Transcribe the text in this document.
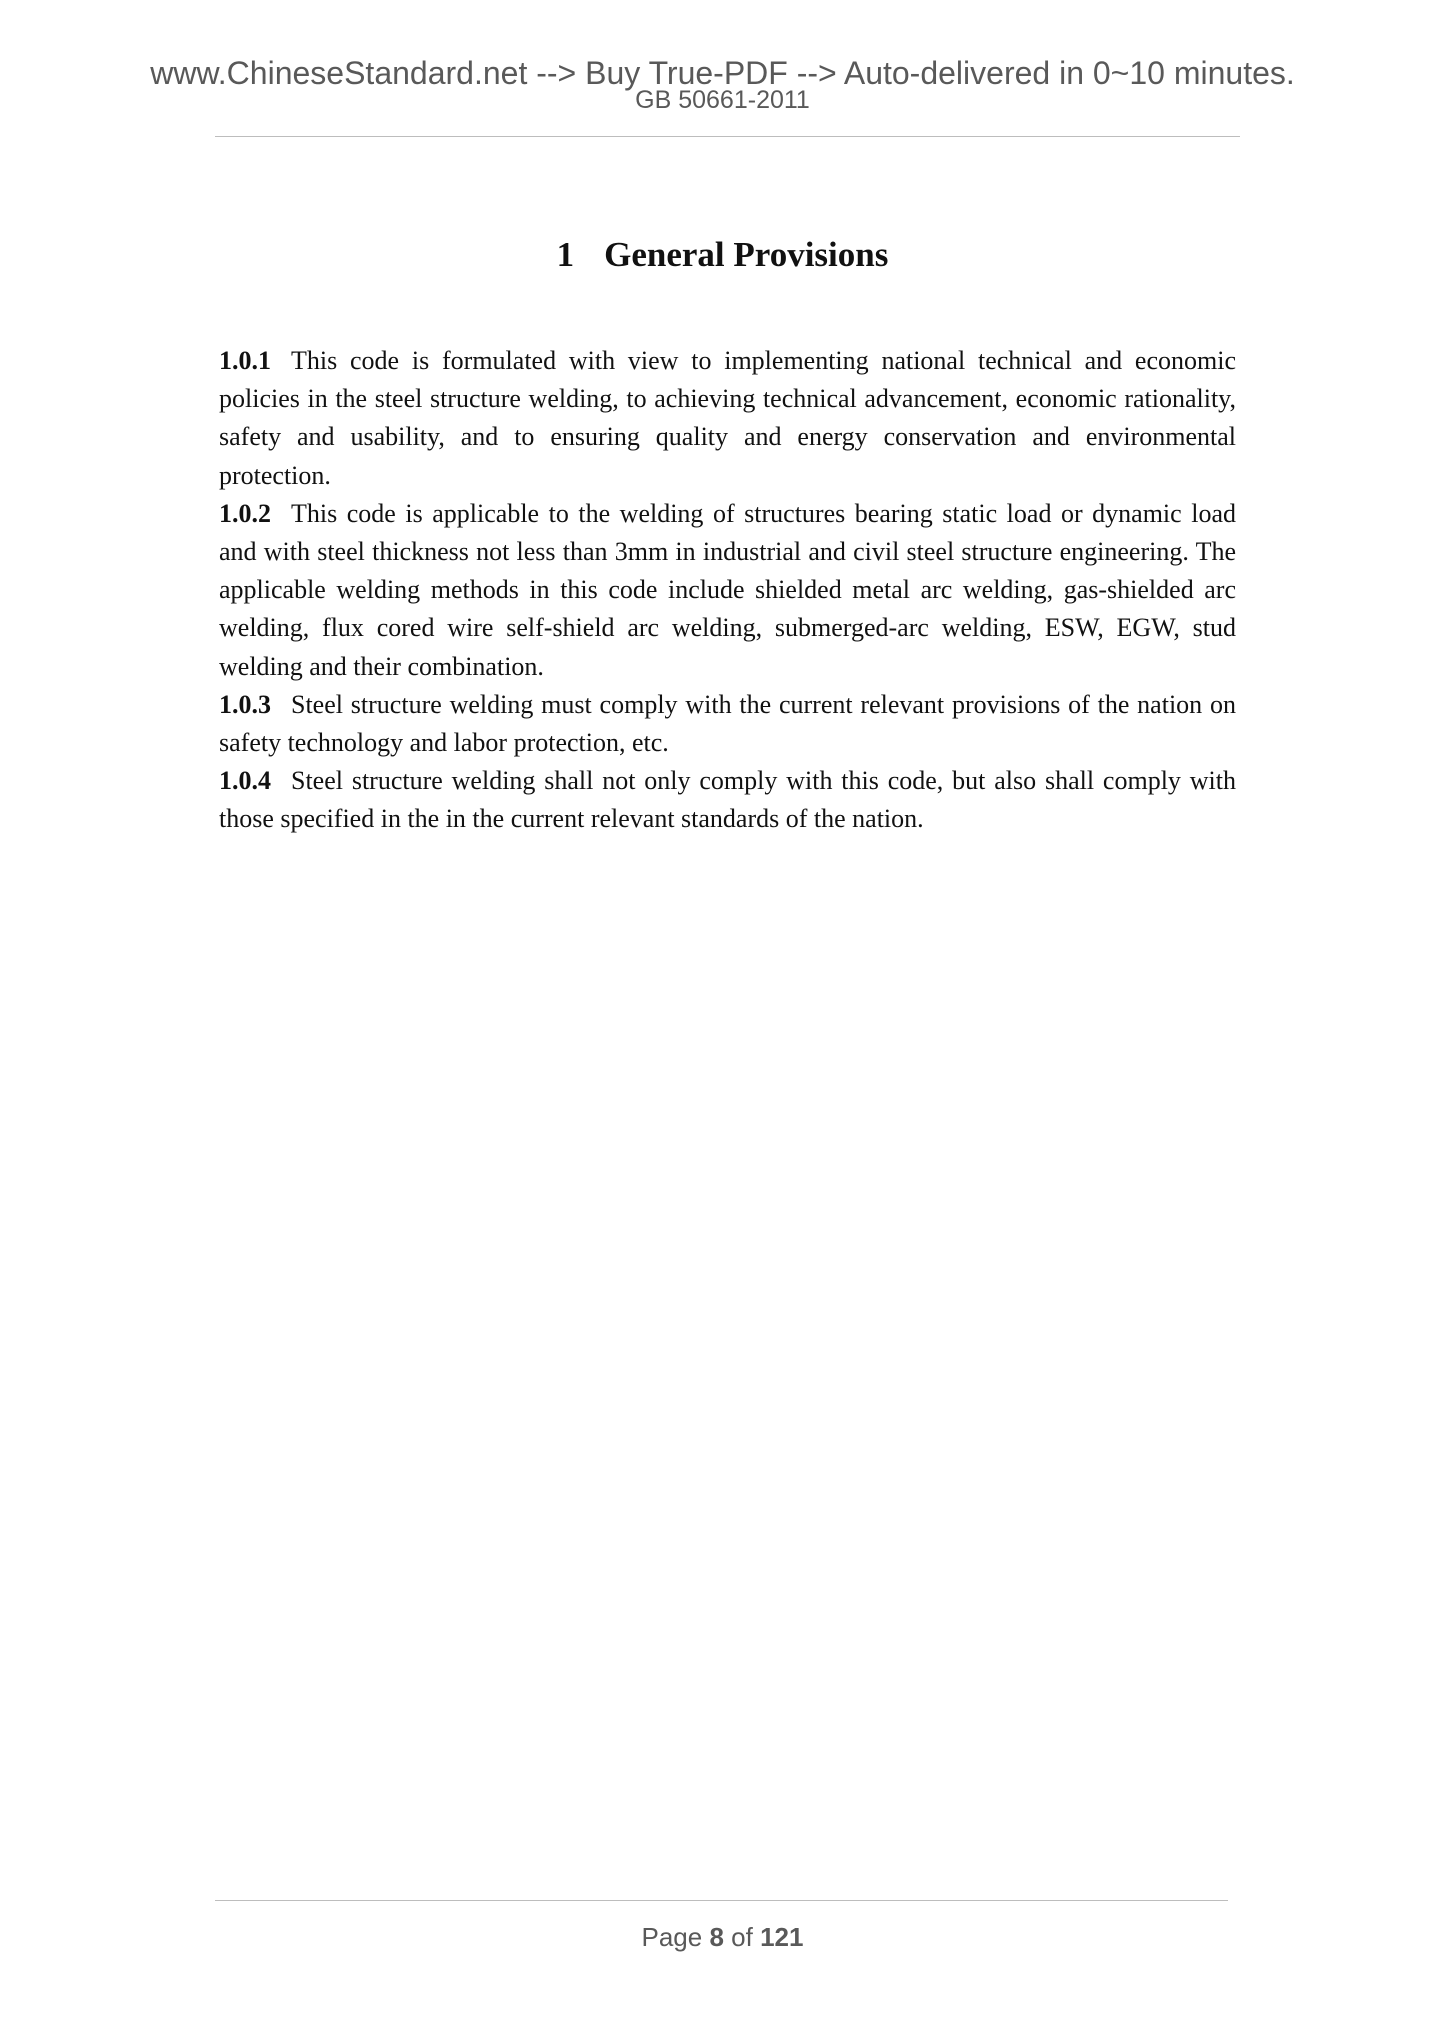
www.ChineseStandard.net --> Buy True-PDF --> Auto-delivered in 0~10 minutes.
GB 50661-2011
1 General Provisions

1.0.1 This code is formulated with view to implementing national technical and economic policies in the steel structure welding, to achieving technical advancement, economic rationality, safety and usability, and to ensuring quality and energy conservation and environmental protection.

1.0.2 This code is applicable to the welding of structures bearing static load or dynamic load and with steel thickness not less than 3mm in industrial and civil steel structure engineering. The applicable welding methods in this code include shielded metal arc welding, gas-shielded arc welding, flux cored wire self-shield arc welding, submerged-arc welding, ESW, EGW, stud welding and their combination.

1.0.3 Steel structure welding must comply with the current relevant provisions of the nation on safety technology and labor protection, etc.

1.0.4 Steel structure welding shall not only comply with this code, but also shall comply with those specified in the in the current relevant standards of the nation.

Page 8 of 121
